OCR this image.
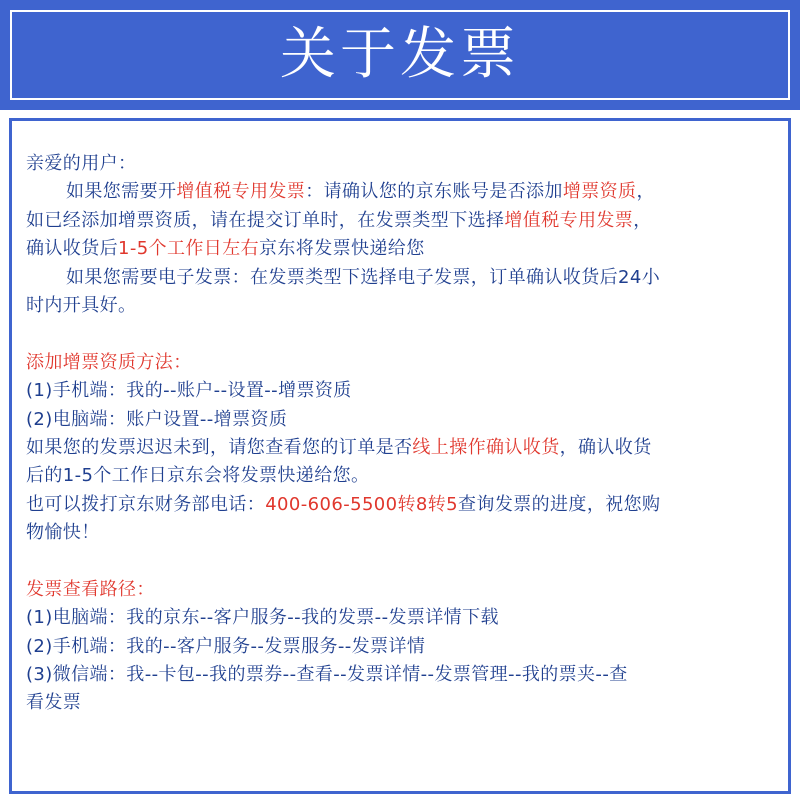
关于发票
亲爱的用户：
如果您需要开增值税专用发票：请确认您的京东账号是否添加增票资质，
如已经添加增票资质，请在提交订单时，在发票类型下选择增值税专用发票，
确认收货后1-5个工作日左右京东将发票快递给您
如果您需要电子发票：在发票类型下选择电子发票，订单确认收货后24小
时内开具好。
添加增票资质方法：
(1)手机端：我的--账户--设置--增票资质
(2)电脑端：账户设置--增票资质
如果您的发票迟迟未到，请您查看您的订单是否线上操作确认收货，确认收货
后的1-5个工作日京东会将发票快递给您。
也可以拨打京东财务部电话：400-606-5500转8转5查询发票的进度，祝您购
物愉快！
发票查看路径：
(1)电脑端：我的京东--客户服务--我的发票--发票详情下载
(2)手机端：我的--客户服务--发票服务--发票详情
(3)微信端：我--卡包--我的票券--查看--发票详情--发票管理--我的票夹--查
看发票
